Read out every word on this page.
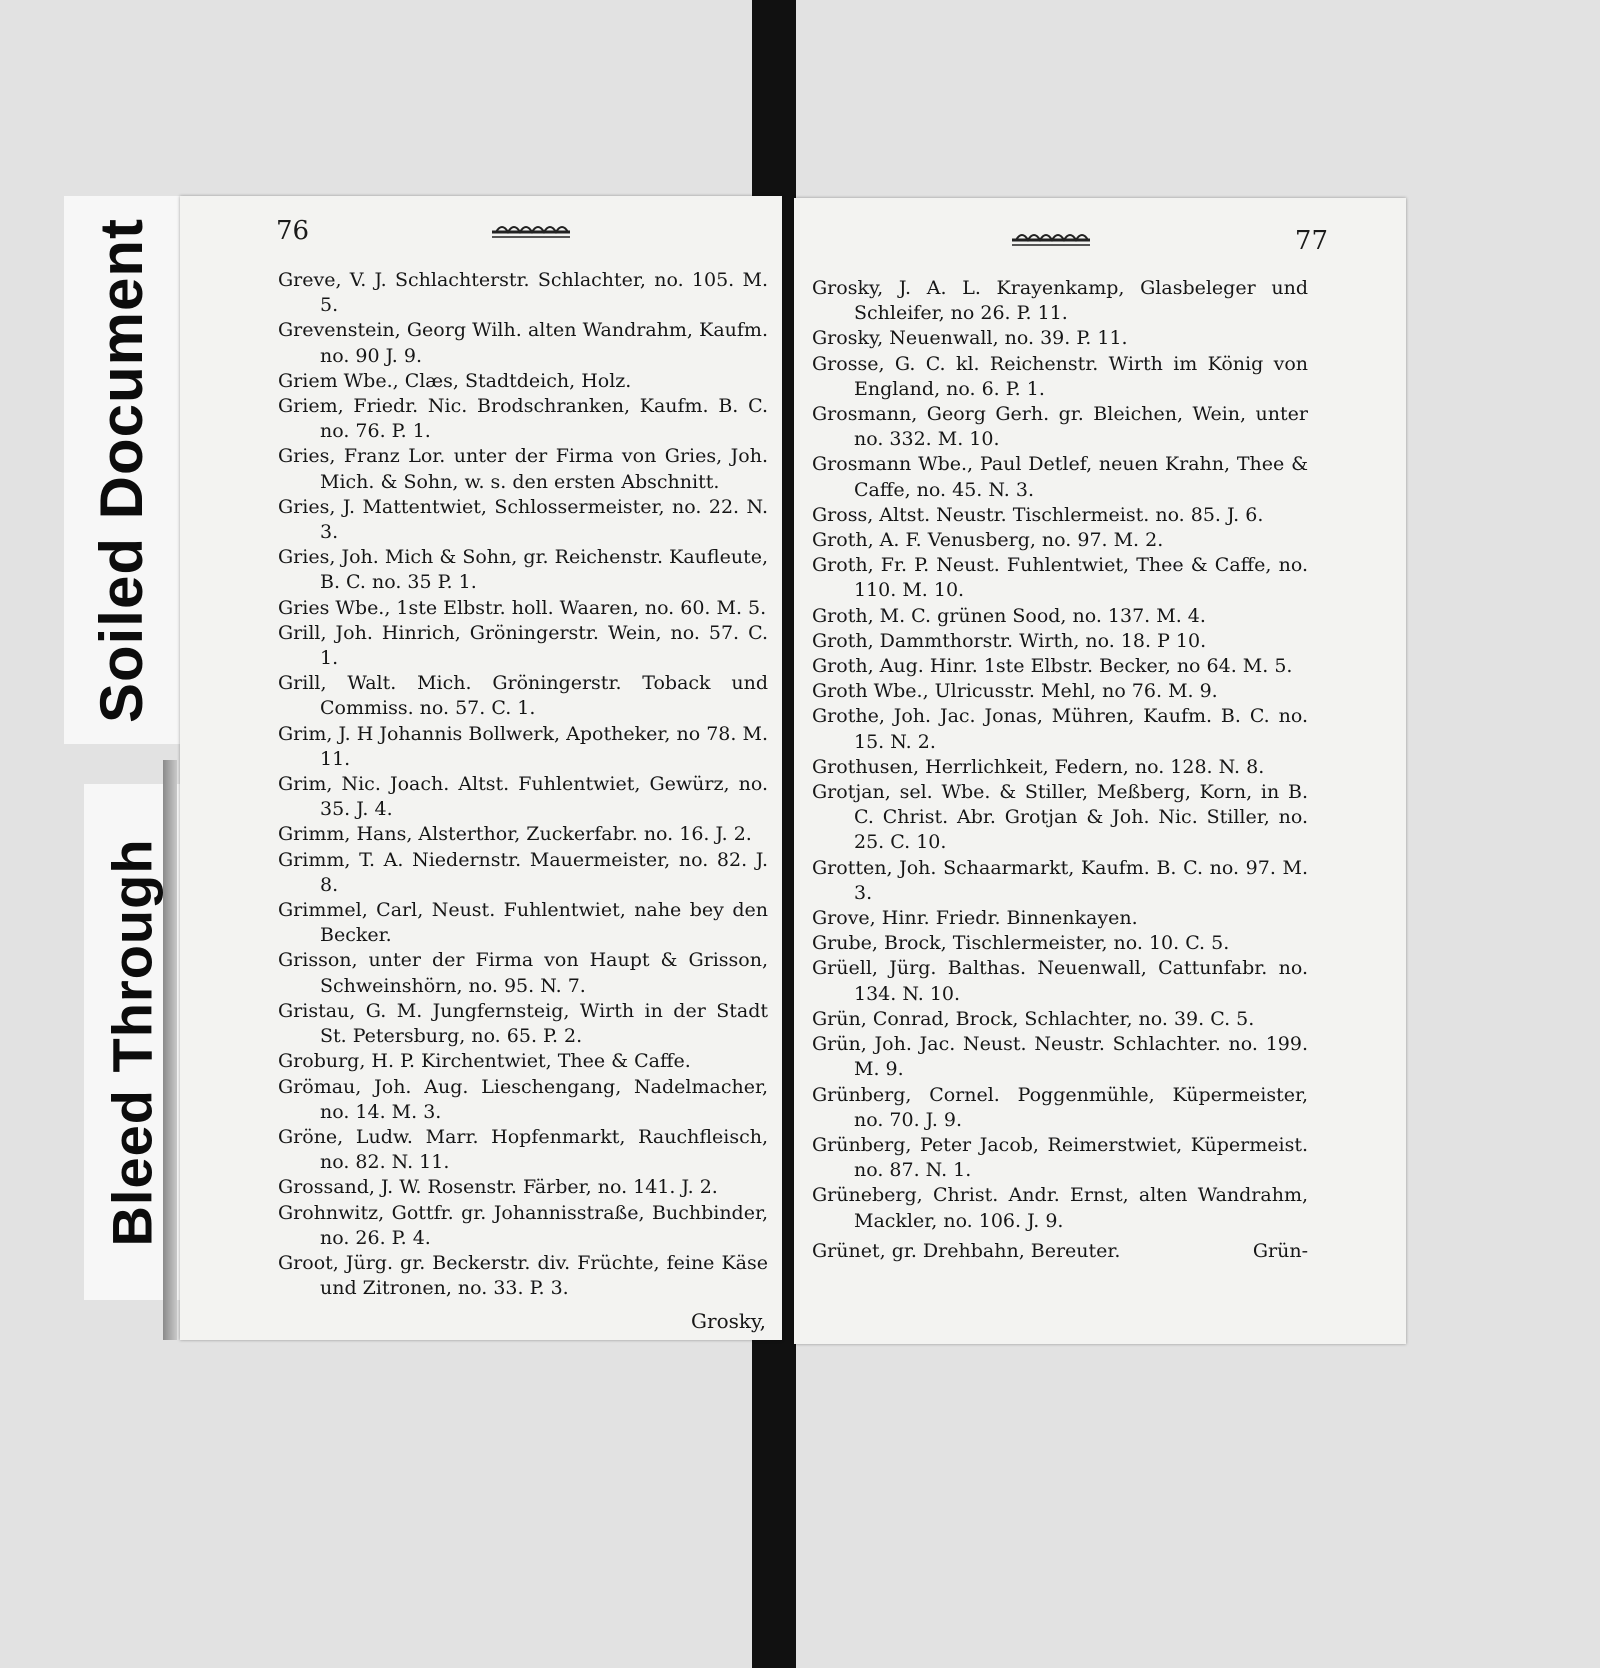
Soiled Document
Bleed Through
76

Greve, V. J. Schlachterstr. Schlachter, no. 105. M. 5.

Grevenstein, Georg Wilh. alten Wandrahm, Kaufm. no. 90 J. 9.

Griem Wbe., Clæs, Stadtdeich, Holz.

Griem, Friedr. Nic. Brodschranken, Kaufm. B. C. no. 76. P. 1.

Gries, Franz Lor. unter der Firma von Gries, Joh. Mich. & Sohn, w. s. den ersten Abschnitt.

Gries, J. Mattentwiet, Schlossermeister, no. 22. N. 3.

Gries, Joh. Mich & Sohn, gr. Reichenstr. Kaufleute, B. C. no. 35 P. 1.

Gries Wbe., 1ste Elbstr. holl. Waaren, no. 60. M. 5.

Grill, Joh. Hinrich, Gröningerstr. Wein, no. 57. C. 1.

Grill, Walt. Mich. Gröningerstr. Toback und Commiss. no. 57. C. 1.

Grim, J. H Johannis Bollwerk, Apotheker, no 78. M. 11.

Grim, Nic. Joach. Altst. Fuhlentwiet, Gewürz, no. 35. J. 4.

Grimm, Hans, Alsterthor, Zuckerfabr. no. 16. J. 2.

Grimm, T. A. Niedernstr. Mauermeister, no. 82. J. 8.

Grimmel, Carl, Neust. Fuhlentwiet, nahe bey den Becker.

Grisson, unter der Firma von Haupt & Grisson, Schweinshörn, no. 95. N. 7.

Gristau, G. M. Jungfernsteig, Wirth in der Stadt St. Petersburg, no. 65. P. 2.

Groburg, H. P. Kirchentwiet, Thee & Caffe.

Grömau, Joh. Aug. Lieschengang, Nadelmacher, no. 14. M. 3.

Gröne, Ludw. Marr. Hopfenmarkt, Rauchfleisch, no. 82. N. 11.

Grossand, J. W. Rosenstr. Färber, no. 141. J. 2.

Grohnwitz, Gottfr. gr. Johannisstraße, Buchbinder, no. 26. P. 4.

Groot, Jürg. gr. Beckerstr. div. Früchte, feine Käse und Zitronen, no. 33. P. 3.

Grosky,
77

Grosky, J. A. L. Krayenkamp, Glasbeleger und Schleifer, no 26. P. 11.

Grosky, Neuenwall, no. 39. P. 11.

Grosse, G. C. kl. Reichenstr. Wirth im König von England, no. 6. P. 1.

Grosmann, Georg Gerh. gr. Bleichen, Wein, unter no. 332. M. 10.

Grosmann Wbe., Paul Detlef, neuen Krahn, Thee & Caffe, no. 45. N. 3.

Gross, Altst. Neustr. Tischlermeist. no. 85. J. 6.

Groth, A. F. Venusberg, no. 97. M. 2.

Groth, Fr. P. Neust. Fuhlentwiet, Thee & Caffe, no. 110. M. 10.

Groth, M. C. grünen Sood, no. 137. M. 4.

Groth, Dammthorstr. Wirth, no. 18. P 10.

Groth, Aug. Hinr. 1ste Elbstr. Becker, no 64. M. 5.

Groth Wbe., Ulricusstr. Mehl, no 76. M. 9.

Grothe, Joh. Jac. Jonas, Mühren, Kaufm. B. C. no. 15. N. 2.

Grothusen, Herrlichkeit, Federn, no. 128. N. 8.

Grotjan, sel. Wbe. & Stiller, Meßberg, Korn, in B. C. Christ. Abr. Grotjan & Joh. Nic. Stiller, no. 25. C. 10.

Grotten, Joh. Schaarmarkt, Kaufm. B. C. no. 97. M. 3.

Grove, Hinr. Friedr. Binnenkayen.

Grube, Brock, Tischlermeister, no. 10. C. 5.

Grüell, Jürg. Balthas. Neuenwall, Cattunfabr. no. 134. N. 10.

Grün, Conrad, Brock, Schlachter, no. 39. C. 5.

Grün, Joh. Jac. Neust. Neustr. Schlachter. no. 199. M. 9.

Grünberg, Cornel. Poggenmühle, Küpermeister, no. 70. J. 9.

Grünberg, Peter Jacob, Reimerstwiet, Küpermeist. no. 87. N. 1.

Grüneberg, Christ. Andr. Ernst, alten Wandrahm, Mackler, no. 106. J. 9.

Grünet, gr. Drehbahn, Bereuter.	Grün-
